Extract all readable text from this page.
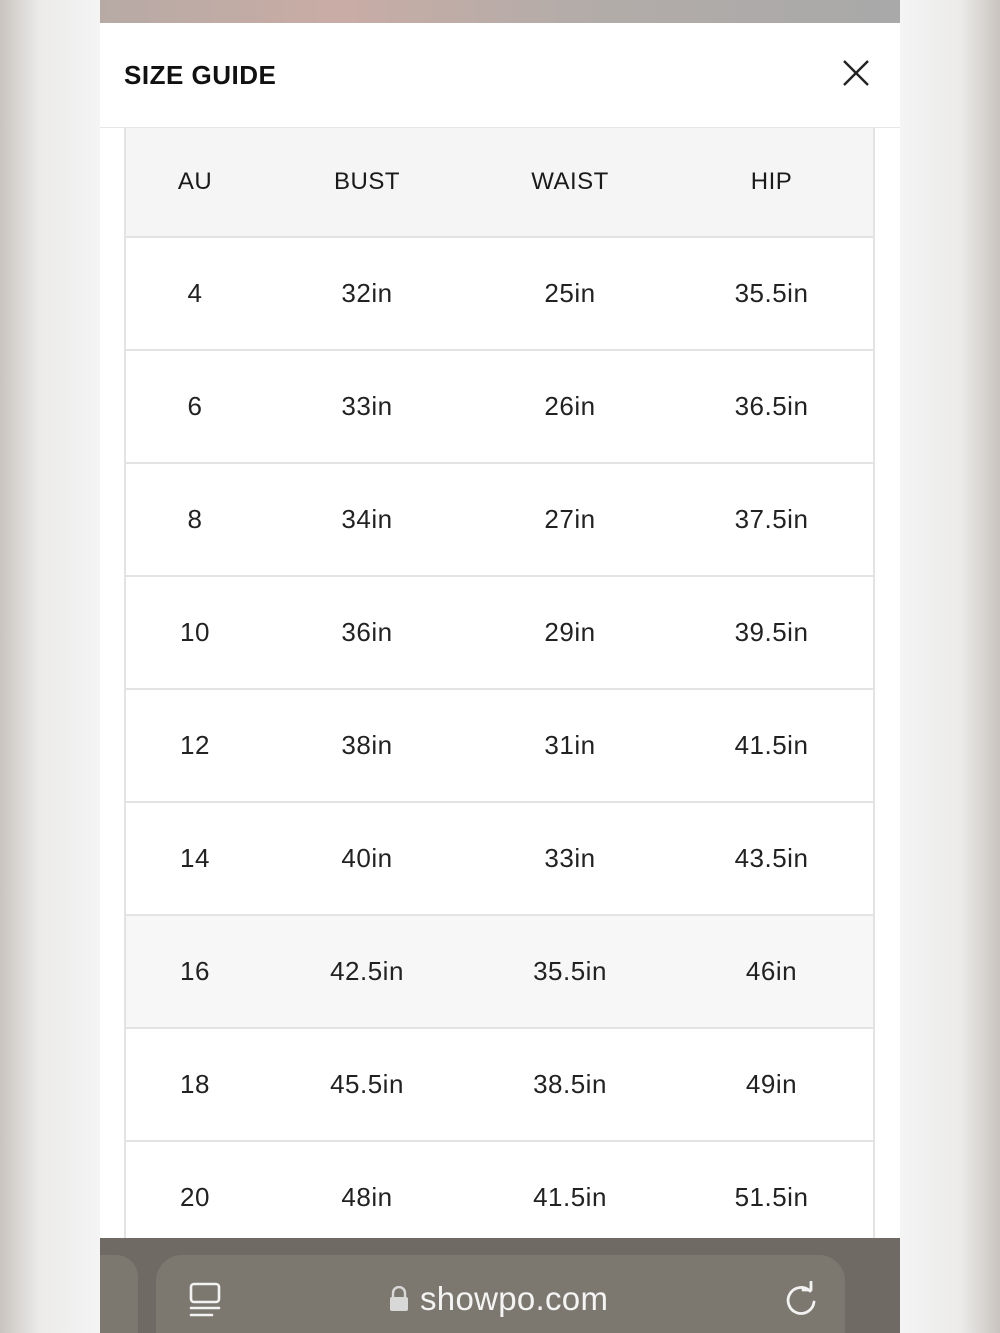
SIZE GUIDE
AU	BUST	WAIST	HIP
4	32in	25in	35.5in
6	33in	26in	36.5in
8	34in	27in	37.5in
10	36in	29in	39.5in
12	38in	31in	41.5in
14	40in	33in	43.5in
16	42.5in	35.5in	46in
18	45.5in	38.5in	49in
20	48in	41.5in	51.5in
showpo.com
